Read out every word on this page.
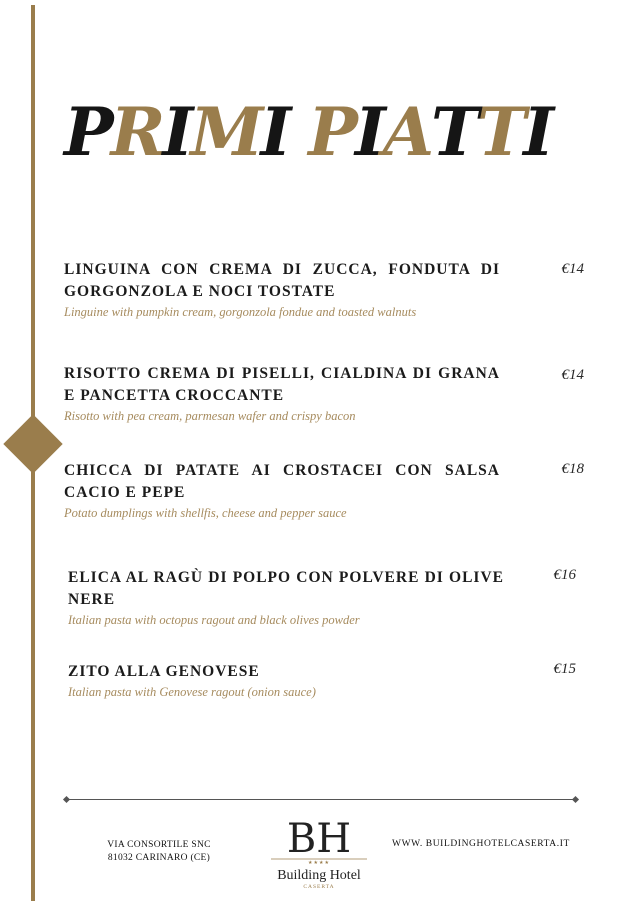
PRIMI PIATTI

LINGUINA CON CREMA DI ZUCCA, FONDUTA DI GORGONZOLA E NOCI TOSTATE

Linguine with pumpkin cream, gorgonzola fondue and toasted walnuts

€14

RISOTTO CREMA DI PISELLI, CIALDINA DI GRANA E PANCETTA CROCCANTE

Risotto with pea cream, parmesan wafer and crispy bacon

€14

CHICCA DI PATATE AI CROSTACEI CON SALSA CACIO E PEPE

Potato dumplings with shellfis, cheese and pepper sauce

€18

ELICA AL RAGÙ DI POLPO CON POLVERE DI OLIVE NERE

Italian pasta with octopus ragout and black olives powder

€16

ZITO ALLA GENOVESE

Italian pasta with Genovese ragout (onion sauce)

€15
VIA CONSORTILE SNC
81032 CARINARO (CE) BH
★★★★
Building Hotel
CASERTA
WWW. BUILDINGHOTELCASERTA.IT
